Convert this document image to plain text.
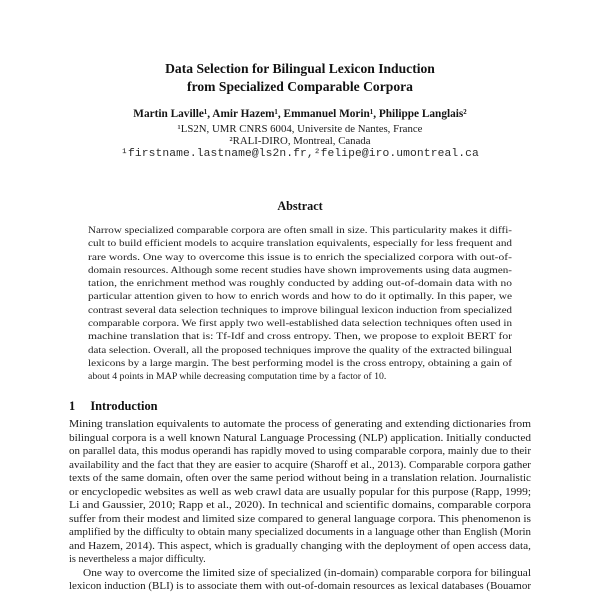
Data Selection for Bilingual Lexicon Induction
from Specialized Comparable Corpora
Martin Laville¹, Amir Hazem¹, Emmanuel Morin¹, Philippe Langlais²
¹LS2N, UMR CNRS 6004, Universite de Nantes, France
²RALI-DIRO, Montreal, Canada
¹firstname.lastname@ls2n.fr,²felipe@iro.umontreal.ca
Abstract
Narrow specialized comparable corpora are often small in size. This particularity makes it diffi-
cult to build efficient models to acquire translation equivalents, especially for less frequent and
rare words. One way to overcome this issue is to enrich the specialized corpora with out-of-
domain resources. Although some recent studies have shown improvements using data augmen-
tation, the enrichment method was roughly conducted by adding out-of-domain data with no
particular attention given to how to enrich words and how to do it optimally. In this paper, we
contrast several data selection techniques to improve bilingual lexicon induction from specialized
comparable corpora. We first apply two well-established data selection techniques often used in
machine translation that is: Tf-Idf and cross entropy. Then, we propose to exploit BERT for
data selection. Overall, all the proposed techniques improve the quality of the extracted bilingual
lexicons by a large margin. The best performing model is the cross entropy, obtaining a gain of
about 4 points in MAP while decreasing computation time by a factor of 10.
1 Introduction
Mining translation equivalents to automate the process of generating and extending dictionaries from
bilingual corpora is a well known Natural Language Processing (NLP) application. Initially conducted
on parallel data, this modus operandi has rapidly moved to using comparable corpora, mainly due to their
availability and the fact that they are easier to acquire (Sharoff et al., 2013). Comparable corpora gather
texts of the same domain, often over the same period without being in a translation relation. Journalistic
or encyclopedic websites as well as web crawl data are usually popular for this purpose (Rapp, 1999;
Li and Gaussier, 2010; Rapp et al., 2020). In technical and scientific domains, comparable corpora
suffer from their modest and limited size compared to general language corpora. This phenomenon is
amplified by the difficulty to obtain many specialized documents in a language other than English (Morin
and Hazem, 2014). This aspect, which is gradually changing with the deployment of open access data,
is nevertheless a major difficulty.
One way to overcome the limited size of specialized (in-domain) comparable corpora for bilingual
lexicon induction (BLI) is to associate them with out-of-domain resources as lexical databases (Bouamor
